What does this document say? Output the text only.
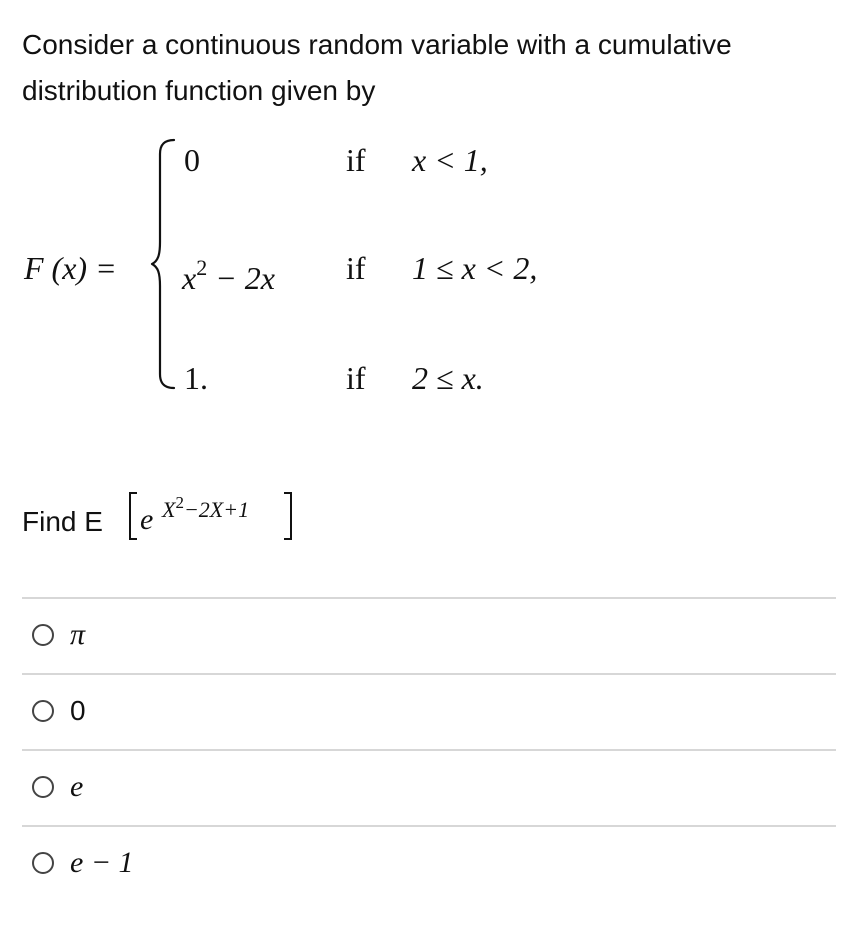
Consider a continuous random variable with a cumulative distribution function given by
F (x) =
0	if x < 1,
$x^2 - 2x$ if 1 ≤ x < 2,
1.	if 2 ≤ x.
Find E e $X^2-2X+1$
π
0
e
e − 1
